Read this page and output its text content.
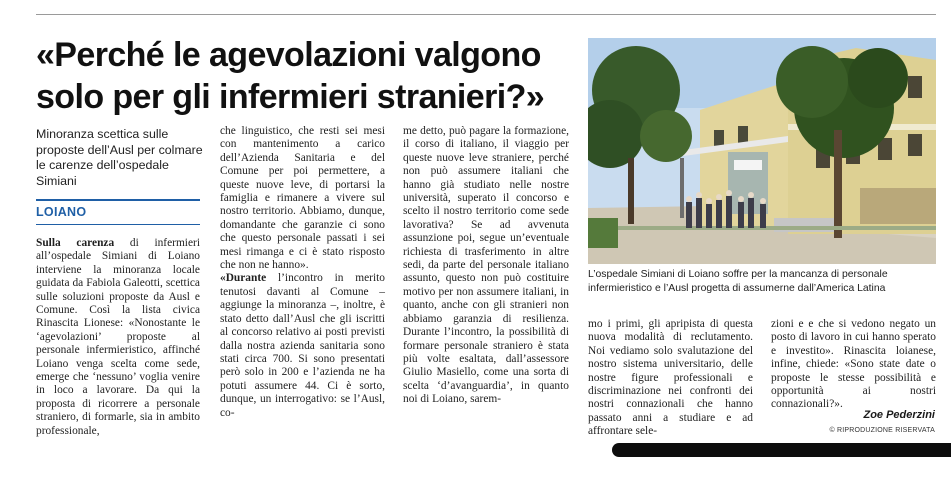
«Perché le agevolazioni valgono solo per gli infermieri stranieri?»

Minoranza scettica sulle proposte dell’Ausl per colmare le carenze dell’ospedale Simiani

LOIANO

Sulla carenza di infermieri all’ospedale Simiani di Loiano interviene la minoranza locale guidata da Fabiola Galeotti, scettica sulle soluzioni proposte da Ausl e Comune. Così la lista civica Rinascita Lionese: «Nonostante le ‘agevolazioni’ proposte al personale infermieristico, affinché Loiano venga scelta come sede, emerge che ‘nessuno’ voglia venire in loco a lavorare. Da qui la proposta di ricorrere a personale straniero, di formarle, sia in ambito professionale,

che linguistico, che resti sei mesi con mantenimento a carico dell’Azienda Sanitaria e del Comune per poi permettere, a queste nuove leve, di portarsi la famiglia e rimanere a vivere sul nostro territorio. Abbiamo, dunque, domandante che garanzie ci sono che questo personale passati i sei mesi rimanga e ci è stato risposto che non ne hanno».

«Durante l’incontro in merito tenutosi davanti al Comune – aggiunge la minoranza –, inoltre, è stato detto dall’Ausl che gli iscritti al concorso relativo ai posti previsti dalla nostra azienda sanitaria sono stati circa 700. Si sono presentati però solo in 200 e l’azienda ne ha potuti assumere 44. Ci è sorto, dunque, un interrogativo: se l’Ausl, co-

me detto, può pagare la formazione, il corso di italiano, il viaggio per queste nuove leve straniere, perché non può assumere italiani che hanno già studiato nelle nostre università, superato il concorso e scelto il nostro territorio come sede lavorativa? Se ad avvenuta assunzione poi, segue un’eventuale richiesta di trasferimento in altre sedi, da parte del personale italiano assunto, questo non può costituire motivo per non assumere italiani, in quanto, anche con gli stranieri non abbiamo garanzia di resilienza. Durante l’incontro, la possibilità di formare personale straniero è stata più volte esaltata, dall’assessore Giulio Masiello, come una sorta di scelta ‘d’avanguardia’, in quanto noi di Loiano, sarem-

L’ospedale Simiani di Loiano soffre per la mancanza di personale infermieristico e l’Ausl progetta di assumerne dall’America Latina

mo i primi, gli apripista di questa nuova modalità di reclutamento. Noi vediamo solo svalutazione del nostro sistema universitario, delle nostre figure professionali e discriminazione nei confronti dei nostri connazionali che hanno passato anni a studiare e ad affrontare sele-

zioni e e che si vedono negato un posto di lavoro in cui hanno sperato e investito». Rinascita loianese, infine, chiede: «Sono state date o proposte le stesse possibilità e opportunità ai nostri connazionali?».

Zoe Pederzini

© RIPRODUZIONE RISERVATA
